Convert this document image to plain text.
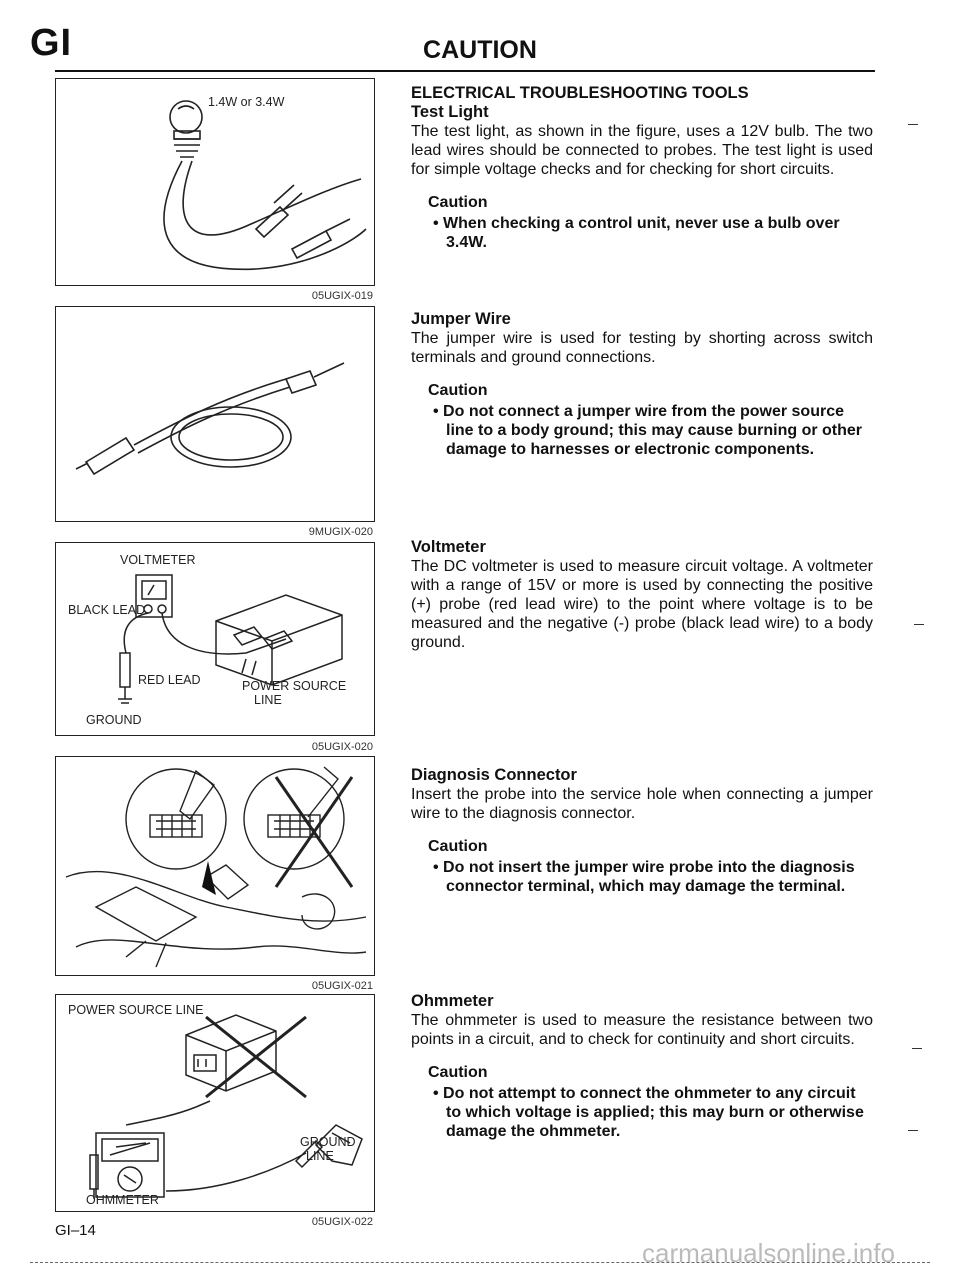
GI	CAUTION
1.4W or 3.4W
05UGIX-019
9MUGIX-020
VOLTMETER
BLACK LEAD
RED LEAD	POWER SOURCE
LINE
GROUND
05UGIX-020
05UGIX-021
POWER SOURCE LINE
GROUND
LINE
OHMMETER
05UGIX-022
ELECTRICAL TROUBLESHOOTING TOOLS
Test Light

The test light, as shown in the figure, uses a 12V bulb. The two lead wires should be connected to probes. The test light is used for simple voltage checks and for checking for short circuits.

Caution
• When checking a control unit, never use a bulb over 3.4W.
Jumper Wire

The jumper wire is used for testing by shorting across switch terminals and ground connections.

Caution
• Do not connect a jumper wire from the power source line to a body ground; this may cause burning or other damage to harnesses or electronic components.
Voltmeter

The DC voltmeter is used to measure circuit voltage. A voltmeter with a range of 15V or more is used by connecting the positive (+) probe (red lead wire) to the point where voltage is to be measured and the negative (-) probe (black lead wire) to a body ground.

Diagnosis Connector

Insert the probe into the service hole when connecting a jumper wire to the diagnosis connector.

Caution
• Do not insert the jumper wire probe into the diagnosis connector terminal, which may damage the terminal.
Ohmmeter

The ohmmeter is used to measure the resistance between two points in a circuit, and to check for continuity and short circuits.

Caution
• Do not attempt to connect the ohmmeter to any circuit to which voltage is applied; this may burn or otherwise damage the ohmmeter.
GI–14
carmanualsonline.info
